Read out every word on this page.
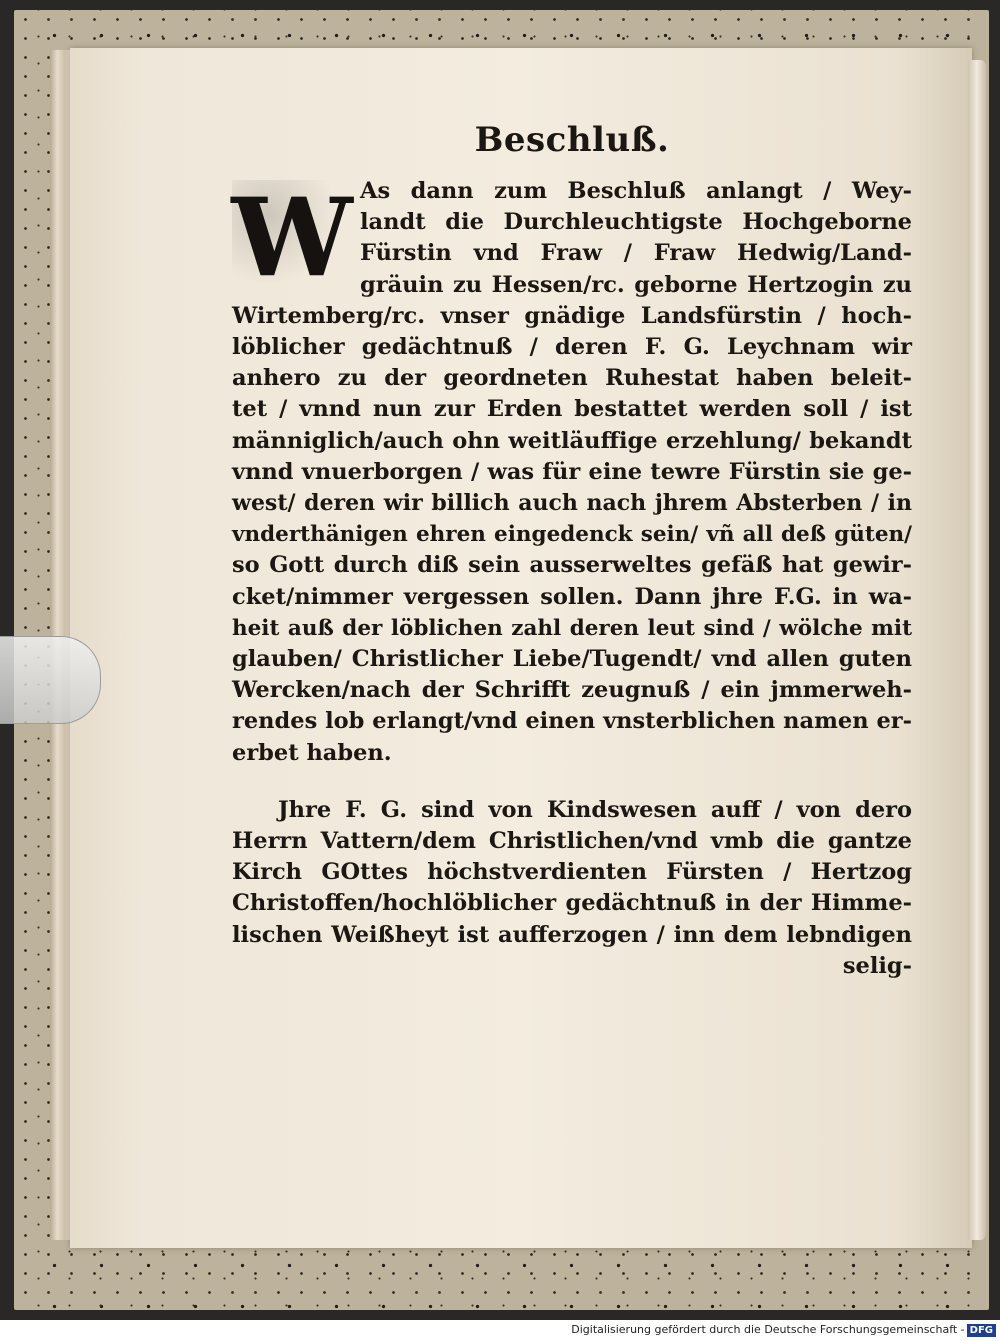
Beschluß.
W As dann zum Beschluß anlangt / Wey-

landt die Durchleuchtigste Hochgeborne

Fürstin vnd Fraw / Fraw Hedwig/Land-

gräuin zu Hessen/rc. geborne Hertzogin zu

Wirtemberg/rc. vnser gnädige Landsfürstin / hoch-

löblicher gedächtnuß / deren F. G. Leychnam wir

anhero zu der geordneten Ruhestat haben beleit-

tet / vnnd nun zur Erden bestattet werden soll / ist

männiglich/auch ohn weitläuffige erzehlung/ bekandt

vnnd vnuerborgen / was für eine tewre Fürstin sie ge-

west/ deren wir billich auch nach jhrem Absterben / in

vnderthänigen ehren eingedenck sein/ vñ all deß güten/

so Gott durch diß sein ausserweltes gefäß hat gewir-

cket/nimmer vergessen sollen. Dann jhre F.G. in wa-

heit auß der löblichen zahl deren leut sind / wölche mit

glauben/ Christlicher Liebe/Tugendt/ vnd allen guten

Wercken/nach der Schrifft zeugnuß / ein jmmerweh-

rendes lob erlangt/vnd einen vnsterblichen namen er-

erbet haben.

Jhre F. G. sind von Kindswesen auff / von dero

Herrn Vattern/dem Christlichen/vnd vmb die gantze

Kirch GOttes höchstverdienten Fürsten / Hertzog

Christoffen/hochlöblicher gedächtnuß in der Himme-

lischen Weißheyt ist aufferzogen / inn dem lebndigen

selig-

Digitalisierung gefördert durch die Deutsche Forschungsgemeinschaft - DFG
